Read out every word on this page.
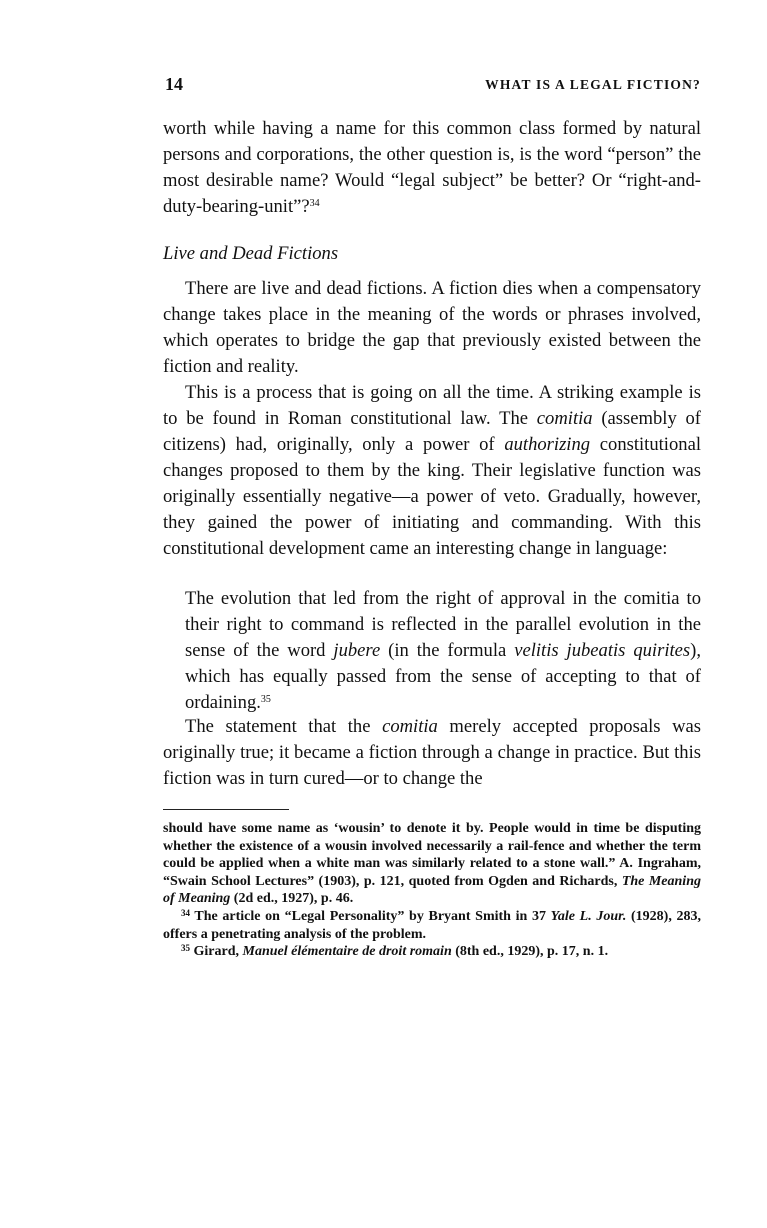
14	WHAT IS A LEGAL FICTION?

worth while having a name for this common class formed by natural persons and corporations, the other question is, is the word “person” the most desirable name? Would “legal subject” be better? Or “right-and-duty-bearing-unit”?$^{34}$

Live and Dead Fictions

There are live and dead fictions. A fiction dies when a compensatory change takes place in the meaning of the words or phrases involved, which operates to bridge the gap that previously existed between the fiction and reality.

This is a process that is going on all the time. A striking example is to be found in Roman constitutional law. The comitia (assembly of citizens) had, originally, only a power of authorizing constitutional changes proposed to them by the king. Their legislative function was originally essentially negative—a power of veto. Gradually, however, they gained the power of initiating and commanding. With this constitutional development came an interesting change in language:

The evolution that led from the right of approval in the comitia to their right to command is reflected in the parallel evolution in the sense of the word jubere (in the formula velitis jubeatis quirites), which has equally passed from the sense of accepting to that of ordaining.$^{35}$

The statement that the comitia merely accepted proposals was originally true; it became a fiction through a change in practice. But this fiction was in turn cured—or to change the

should have some name as ‘wousin’ to denote it by. People would in time be disputing whether the existence of a wousin involved necessarily a rail-fence and whether the term could be applied when a white man was similarly related to a stone wall.” A. Ingraham, “Swain School Lectures” (1903), p. 121, quoted from Ogden and Richards, The Meaning of Meaning (2d ed., 1927), p. 46.

$^{34}$ The article on “Legal Personality” by Bryant Smith in 37 Yale L. Jour. (1928), 283, offers a penetrating analysis of the problem.

$^{35}$ Girard, Manuel élémentaire de droit romain (8th ed., 1929), p. 17, n. 1.
